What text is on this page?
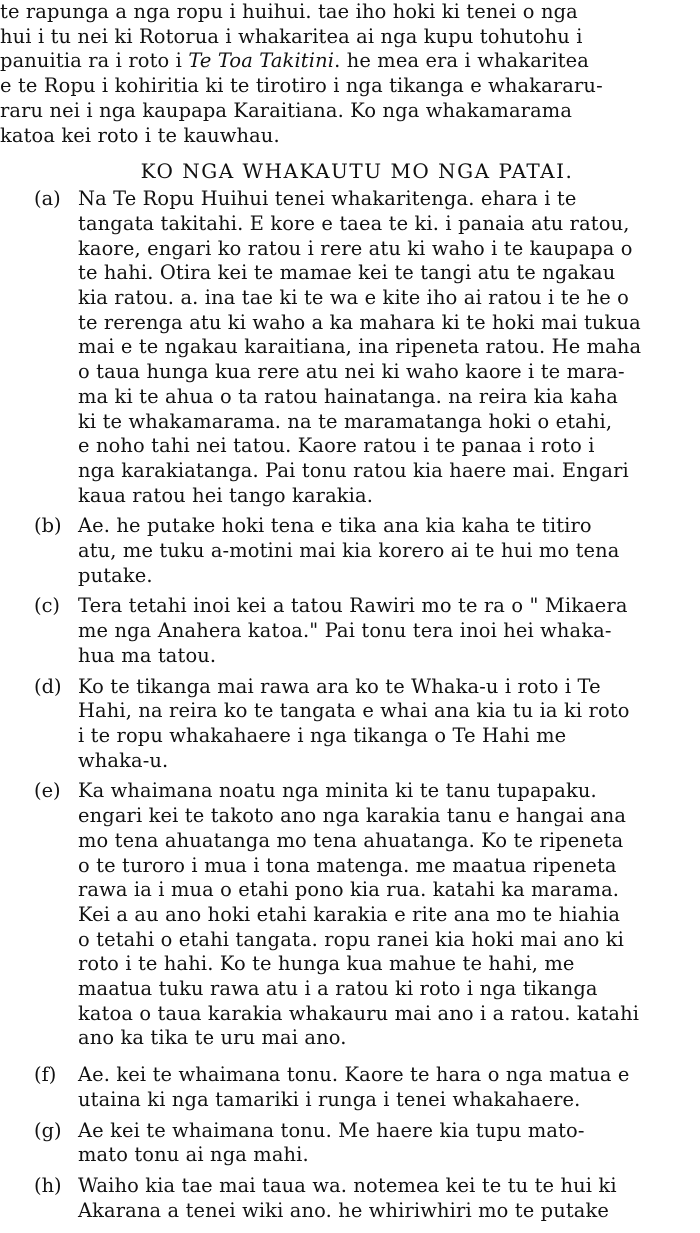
te rapunga a nga ropu i huihui. tae iho hoki ki tenei o nga
hui i tu nei ki Rotorua i whakaritea ai nga kupu tohutohu i
panuitia ra i roto i Te Toa Takitini. he mea era i whakaritea
e te Ropu i kohiritia ki te tirotiro i nga tikanga e whakararu-
raru nei i nga kaupapa Karaitiana. Ko nga whakamarama
katoa kei roto i te kauwhau.
KO NGA WHAKAUTU MO NGA PATAI.
(a) Na Te Ropu Huihui tenei whakaritenga. ehara i te
tangata takitahi. E kore e taea te ki. i panaia atu ratou,
kaore, engari ko ratou i rere atu ki waho i te kaupapa o
te hahi. Otira kei te mamae kei te tangi atu te ngakau
kia ratou. a. ina tae ki te wa e kite iho ai ratou i te he o
te rerenga atu ki waho a ka mahara ki te hoki mai tukua
mai e te ngakau karaitiana, ina ripeneta ratou. He maha
o taua hunga kua rere atu nei ki waho kaore i te mara-
ma ki te ahua o ta ratou hainatanga. na reira kia kaha
ki te whakamarama. na te maramatanga hoki o etahi,
e noho tahi nei tatou. Kaore ratou i te panaa i roto i
nga karakiatanga. Pai tonu ratou kia haere mai. Engari
kaua ratou hei tango karakia.
(b) Ae. he putake hoki tena e tika ana kia kaha te titiro
atu, me tuku a-motini mai kia korero ai te hui mo tena
putake.
(c) Tera tetahi inoi kei a tatou Rawiri mo te ra o " Mikaera
me nga Anahera katoa." Pai tonu tera inoi hei whaka-
hua ma tatou.
(d) Ko te tikanga mai rawa ara ko te Whaka-u i roto i Te
Hahi, na reira ko te tangata e whai ana kia tu ia ki roto
i te ropu whakahaere i nga tikanga o Te Hahi me
whaka-u.
(e) Ka whaimana noatu nga minita ki te tanu tupapaku.
engari kei te takoto ano nga karakia tanu e hangai ana
mo tena ahuatanga mo tena ahuatanga. Ko te ripeneta
o te turoro i mua i tona matenga. me maatua ripeneta
rawa ia i mua o etahi pono kia rua. katahi ka marama.
Kei a au ano hoki etahi karakia e rite ana mo te hiahia
o tetahi o etahi tangata. ropu ranei kia hoki mai ano ki
roto i te hahi. Ko te hunga kua mahue te hahi, me
maatua tuku rawa atu i a ratou ki roto i nga tikanga
katoa o taua karakia whakauru mai ano i a ratou. katahi
ano ka tika te uru mai ano.
(f) Ae. kei te whaimana tonu. Kaore te hara o nga matua e
utaina ki nga tamariki i runga i tenei whakahaere.
(g) Ae kei te whaimana tonu. Me haere kia tupu mato-
mato tonu ai nga mahi.
(h) Waiho kia tae mai taua wa. notemea kei te tu te hui ki
Akarana a tenei wiki ano. he whiriwhiri mo te putake
